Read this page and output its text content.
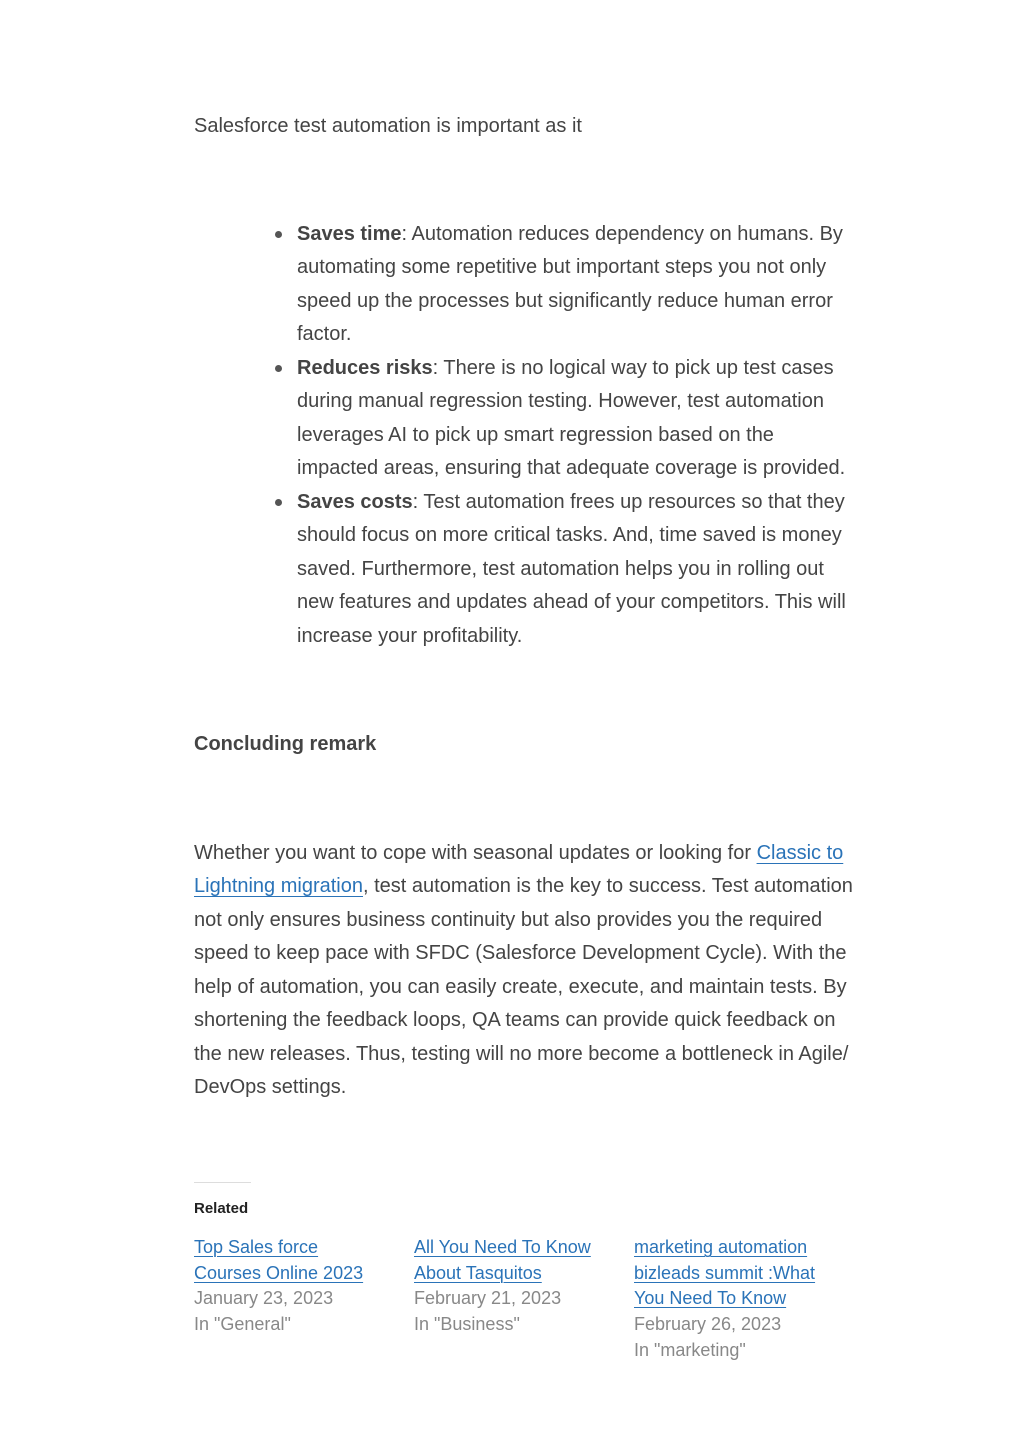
Salesforce test automation is important as it

Saves time: Automation reduces dependency on humans. By automating some repetitive but important steps you not only speed up the processes but significantly reduce human error factor.
Reduces risks: There is no logical way to pick up test cases during manual regression testing. However, test automation leverages AI to pick up smart regression based on the impacted areas, ensuring that adequate coverage is provided.
Saves costs: Test automation frees up resources so that they should focus on more critical tasks. And, time saved is money saved. Furthermore, test automation helps you in rolling out new features and updates ahead of your competitors. This will increase your profitability.
Concluding remark

Whether you want to cope with seasonal updates or looking for Classic to Lightning migration, test automation is the key to success. Test automation not only ensures business continuity but also provides you the required speed to keep pace with SFDC (Salesforce Development Cycle). With the help of automation, you can easily create, execute, and maintain tests. By shortening the feedback loops, QA teams can provide quick feedback on the new releases. Thus, testing will no more become a bottleneck in Agile/ DevOps settings.

Related
Top Sales force Courses Online 2023
January 23, 2023
In "General"
All You Need To Know About Tasquitos
February 21, 2023
In "Business"
marketing automation bizleads summit :What You Need To Know
February 26, 2023
In "marketing"
